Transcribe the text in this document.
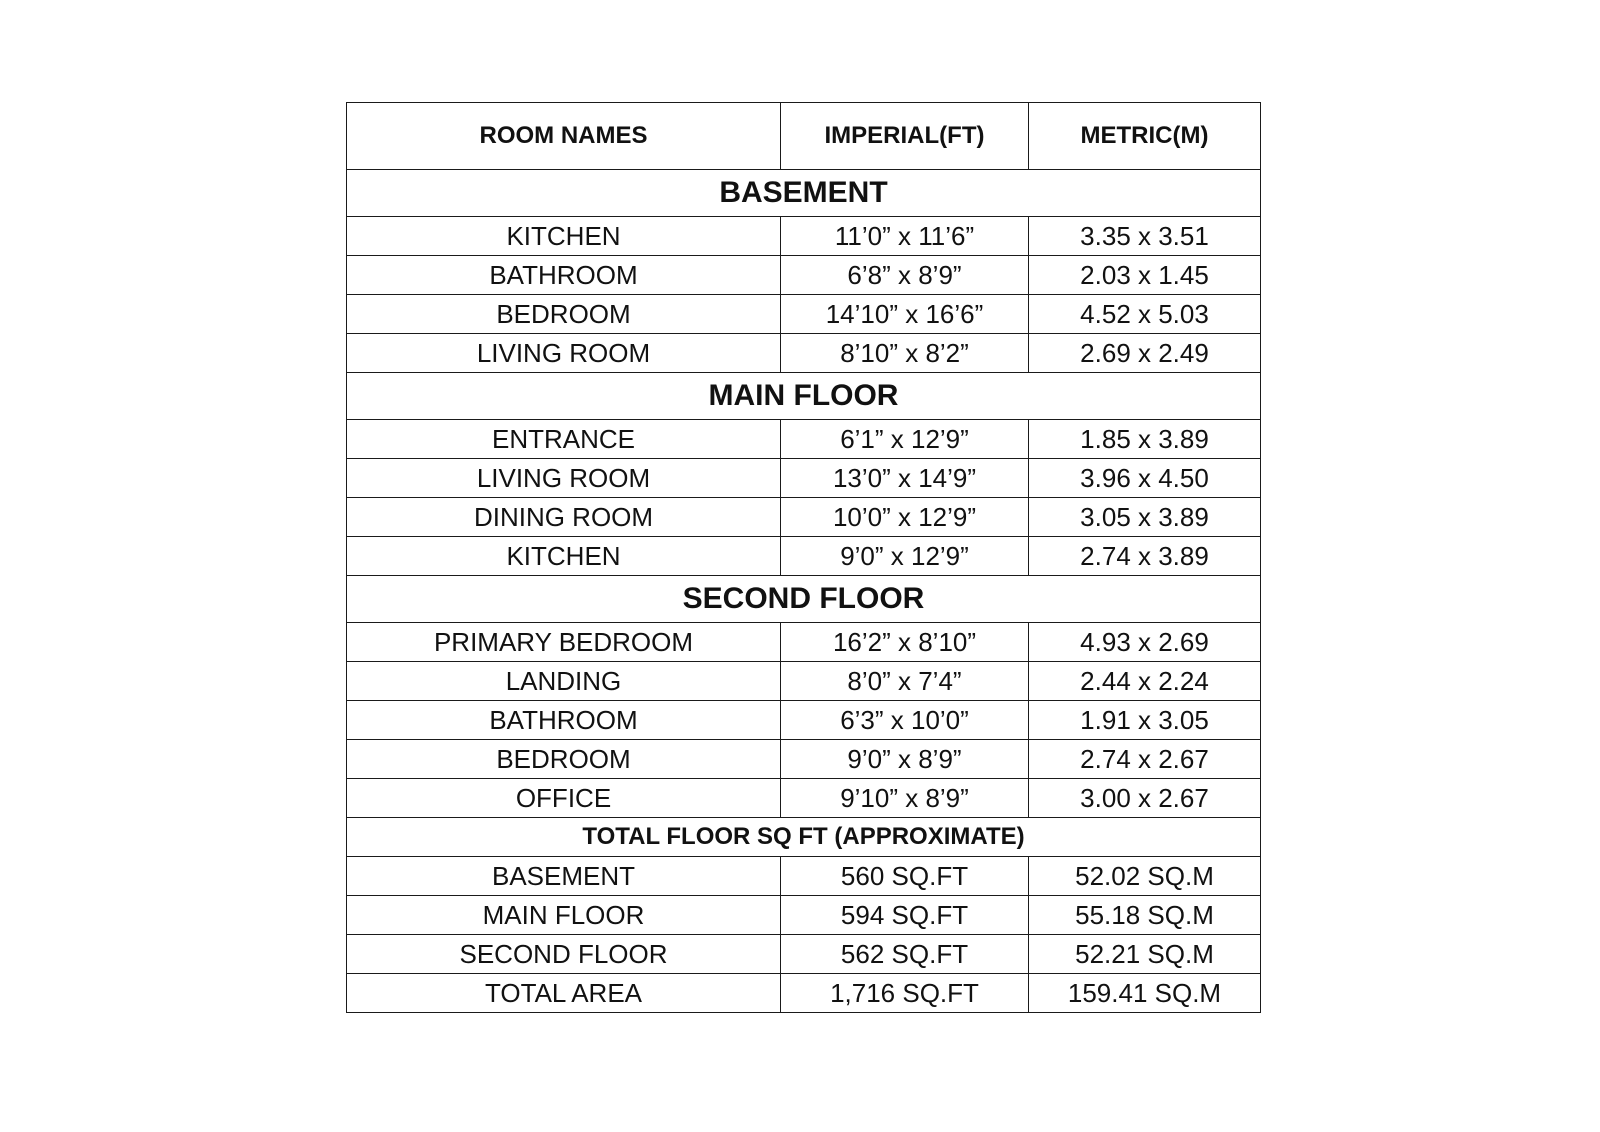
ROOM NAMES	IMPERIAL(FT)	METRIC(M)
BASEMENT		
KITCHEN	11’0” x 11’6”	3.35 x 3.51
BATHROOM	6’8” x 8’9”	2.03 x 1.45
BEDROOM	14’10” x 16’6”	4.52 x 5.03
LIVING ROOM	8’10” x 8’2”	2.69 x 2.49
MAIN FLOOR		
ENTRANCE	6’1” x 12’9”	1.85 x 3.89
LIVING ROOM	13’0” x 14’9”	3.96 x 4.50
DINING ROOM	10’0” x 12’9”	3.05 x 3.89
KITCHEN	9’0” x 12’9”	2.74 x 3.89
SECOND FLOOR		
PRIMARY BEDROOM	16’2” x 8’10”	4.93 x 2.69
LANDING	8’0” x 7’4”	2.44 x 2.24
BATHROOM	6’3” x 10’0”	1.91 x 3.05
BEDROOM	9’0” x 8’9”	2.74 x 2.67
OFFICE	9’10” x 8’9”	3.00 x 2.67
TOTAL FLOOR SQ FT (APPROXIMATE)		
BASEMENT	560 SQ.FT	52.02 SQ.M
MAIN FLOOR	594 SQ.FT	55.18 SQ.M
SECOND FLOOR	562 SQ.FT	52.21 SQ.M
TOTAL AREA	1,716 SQ.FT	159.41 SQ.M
